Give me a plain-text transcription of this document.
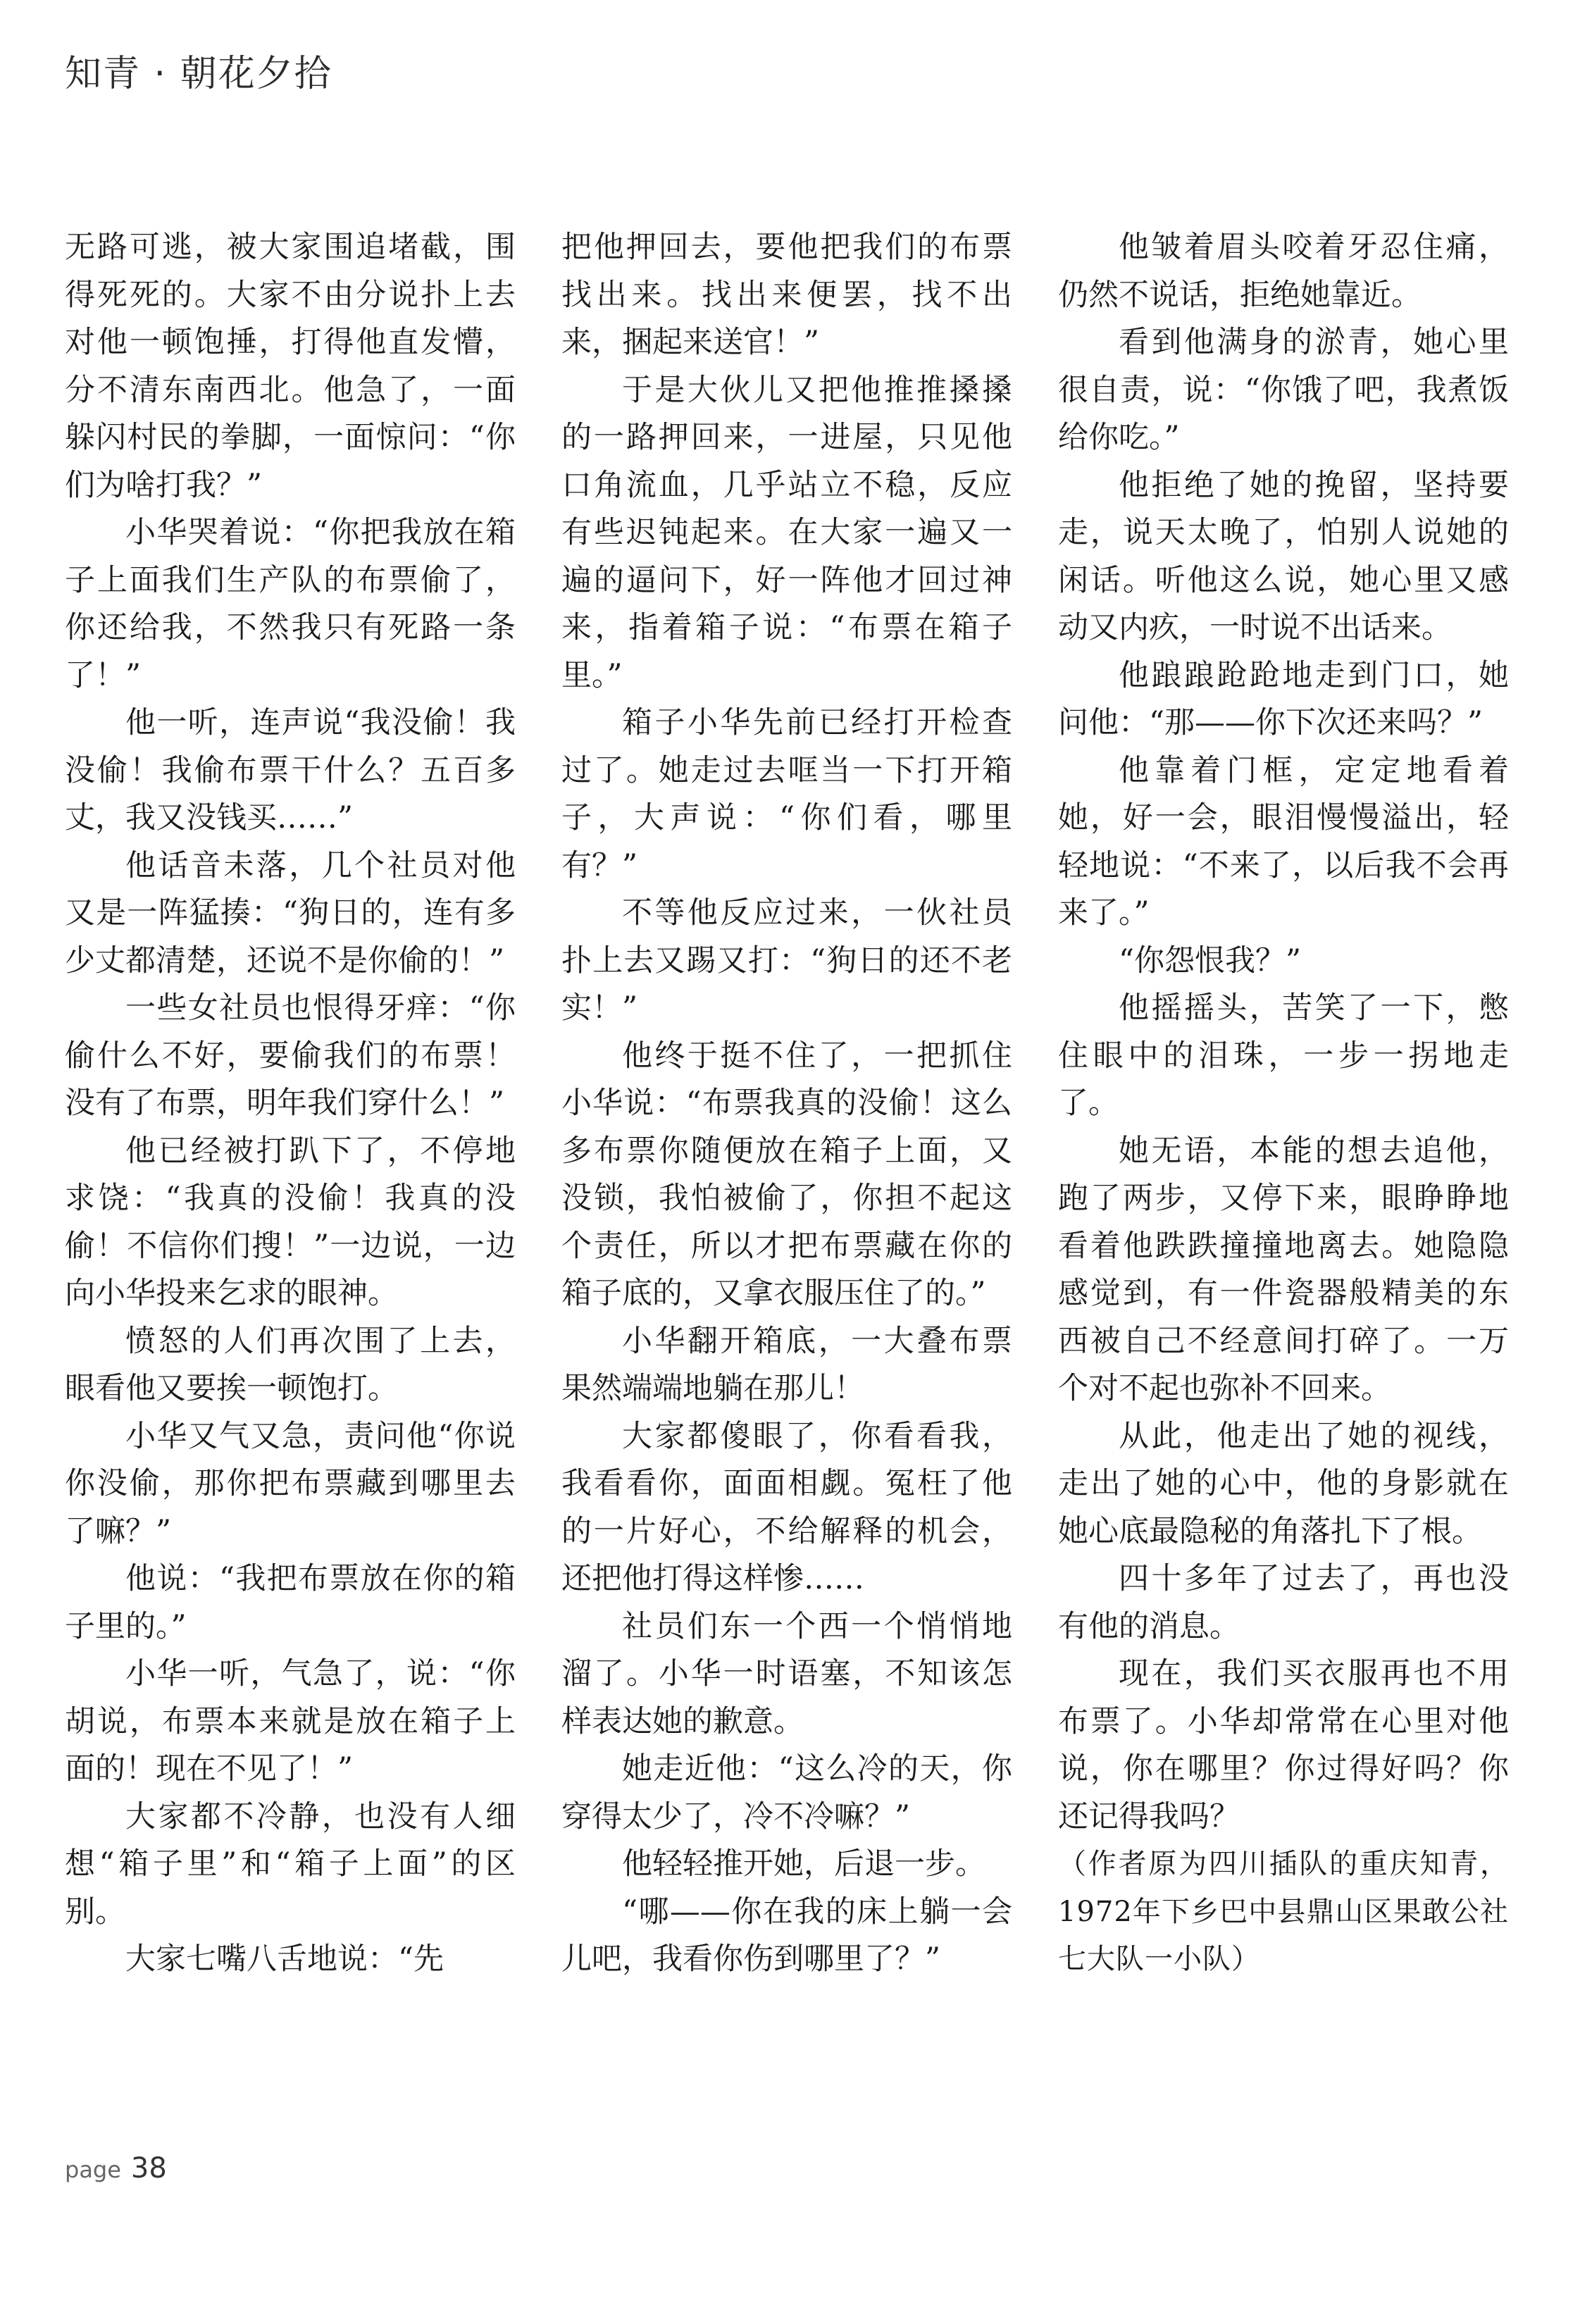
知青 · 朝花夕拾

无路可逃，被大家围追堵截，围得死死的。大家不由分说扑上去对他一顿饱捶，打得他直发懵，分不清东南西北。他急了，一面躲闪村民的拳脚，一面惊问：“你们为啥打我？”

小华哭着说：“你把我放在箱子上面我们生产队的布票偷了，你还给我，不然我只有死路一条了！”

他一听，连声说“我没偷！我没偷！我偷布票干什么？五百多丈，我又没钱买……”

他话音未落，几个社员对他又是一阵猛揍：“狗日的，连有多少丈都清楚，还说不是你偷的！”

一些女社员也恨得牙痒：“你偷什么不好，要偷我们的布票！没有了布票，明年我们穿什么！”

他已经被打趴下了，不停地求饶：“我真的没偷！我真的没偷！不信你们搜！”一边说，一边向小华投来乞求的眼神。

愤怒的人们再次围了上去，眼看他又要挨一顿饱打。

小华又气又急，责问他“你说你没偷，那你把布票藏到哪里去了嘛？”

他说：“我把布票放在你的箱子里的。”

小华一听，气急了，说：“你胡说，布票本来就是放在箱子上面的！现在不见了！”

大家都不冷静，也没有人细想“箱子里”和“箱子上面”的区别。

大家七嘴八舌地说：“先

把他押回去，要他把我们的布票找出来。找出来便罢，找不出来，捆起来送官！”

于是大伙儿又把他推推搡搡的一路押回来，一进屋，只见他口角流血，几乎站立不稳，反应有些迟钝起来。在大家一遍又一遍的逼问下，好一阵他才回过神来，指着箱子说：“布票在箱子里。”

箱子小华先前已经打开检查过了。她走过去哐当一下打开箱子，大声说：“你们看，哪里有？”

不等他反应过来，一伙社员扑上去又踢又打：“狗日的还不老实！”

他终于挺不住了，一把抓住小华说：“布票我真的没偷！这么多布票你随便放在箱子上面，又没锁，我怕被偷了，你担不起这个责任，所以才把布票藏在你的箱子底的，又拿衣服压住了的。”

小华翻开箱底，一大叠布票果然端端地躺在那儿！

大家都傻眼了，你看看我，我看看你，面面相觑。冤枉了他的一片好心，不给解释的机会，还把他打得这样惨……

社员们东一个西一个悄悄地溜了。小华一时语塞，不知该怎样表达她的歉意。

她走近他：“这么冷的天，你穿得太少了，冷不冷嘛？”

他轻轻推开她，后退一步。

“哪——你在我的床上躺一会儿吧，我看你伤到哪里了？”

他皱着眉头咬着牙忍住痛，仍然不说话，拒绝她靠近。

看到他满身的淤青，她心里很自责，说：“你饿了吧，我煮饭给你吃。”

他拒绝了她的挽留，坚持要走，说天太晚了，怕别人说她的闲话。听他这么说，她心里又感动又内疚，一时说不出话来。

他踉踉跄跄地走到门口，她问他：“那——你下次还来吗？”

他靠着门框，定定地看着她，好一会，眼泪慢慢溢出，轻轻地说：“不来了，以后我不会再来了。”

“你怨恨我？”

他摇摇头，苦笑了一下，憋住眼中的泪珠，一步一拐地走了。

她无语，本能的想去追他，跑了两步，又停下来，眼睁睁地看着他跌跌撞撞地离去。她隐隐感觉到，有一件瓷器般精美的东西被自己不经意间打碎了。一万个对不起也弥补不回来。

从此，他走出了她的视线，走出了她的心中，他的身影就在她心底最隐秘的角落扎下了根。

四十多年了过去了，再也没有他的消息。

现在，我们买衣服再也不用布票了。小华却常常在心里对他说，你在哪里？你过得好吗？你还记得我吗？

（作者原为四川插队的重庆知青，1972年下乡巴中县鼎山区果敢公社七大队一小队）

page 38
